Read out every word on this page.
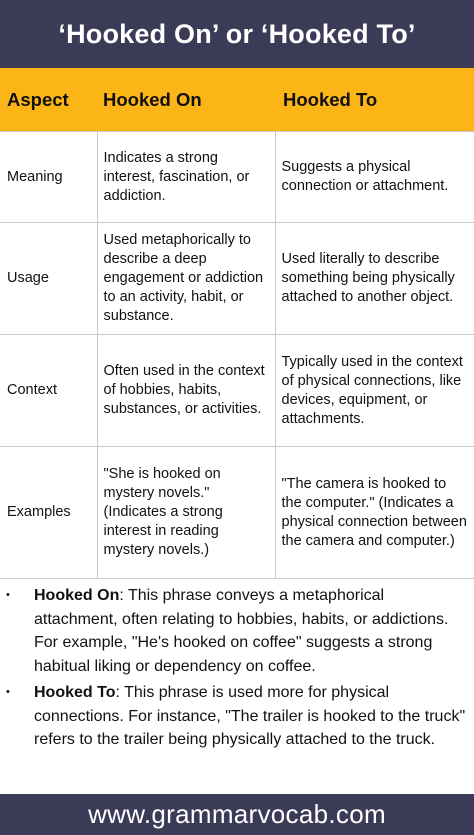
‘Hooked On’ or ‘Hooked To’
Aspect	Hooked On	Hooked To
Meaning	Indicates a strong interest, fascination, or addiction.	Suggests a physical connection or attachment.
Usage	Used metaphorically to describe a deep engagement or addiction to an activity, habit, or substance.	Used literally to describe something being physically attached to another object.
Context	Often used in the context of hobbies, habits, substances, or activities.	Typically used in the context of physical connections, like devices, equipment, or attachments.
Examples	"She is hooked on mystery novels." (Indicates a strong interest in reading mystery novels.)	"The camera is hooked to the computer." (Indicates a physical connection between the camera and computer.)
• Hooked On: This phrase conveys a metaphorical attachment, often relating to hobbies, habits, or addictions. For example, "He's hooked on coffee" suggests a strong habitual liking or dependency on coffee.
• Hooked To: This phrase is used more for physical connections. For instance, "The trailer is hooked to the truck" refers to the trailer being physically attached to the truck.
www.grammarvocab.com
